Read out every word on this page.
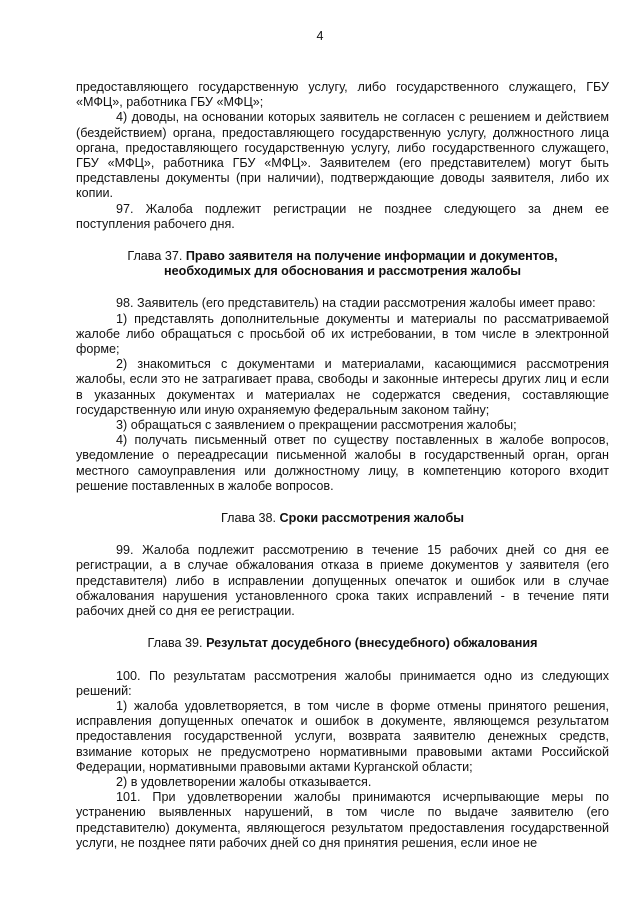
4

предоставляющего государственную услугу, либо государственного служащего, ГБУ «МФЦ», работника ГБУ «МФЦ»;

4) доводы, на основании которых заявитель не согласен с решением и действием (бездействием) органа, предоставляющего государственную услугу, должностного лица органа, предоставляющего государственную услугу, либо государственного служащего, ГБУ «МФЦ», работника ГБУ «МФЦ». Заявителем (его представителем) могут быть представлены документы (при наличии), подтверждающие доводы заявителя, либо их копии.

97. Жалоба подлежит регистрации не позднее следующего за днем ее поступления рабочего дня.

Глава 37. Право заявителя на получение информации и документов,
необходимых для обоснования и рассмотрения жалобы

98. Заявитель (его представитель) на стадии рассмотрения жалобы имеет право:

1) представлять дополнительные документы и материалы по рассматриваемой жалобе либо обращаться с просьбой об их истребовании, в том числе в электронной форме;

2) знакомиться с документами и материалами, касающимися рассмотрения жалобы, если это не затрагивает права, свободы и законные интересы других лиц и если в указанных документах и материалах не содержатся сведения, составляющие государственную или иную охраняемую федеральным законом тайну;

3) обращаться с заявлением о прекращении рассмотрения жалобы;

4) получать письменный ответ по существу поставленных в жалобе вопросов, уведомление о переадресации письменной жалобы в государственный орган, орган местного самоуправления или должностному лицу, в компетенцию которого входит решение поставленных в жалобе вопросов.

Глава 38. Сроки рассмотрения жалобы

99. Жалоба подлежит рассмотрению в течение 15 рабочих дней со дня ее регистрации, а в случае обжалования отказа в приеме документов у заявителя (его представителя) либо в исправлении допущенных опечаток и ошибок или в случае обжалования нарушения установленного срока таких исправлений - в течение пяти рабочих дней со дня ее регистрации.

Глава 39. Результат досудебного (внесудебного) обжалования

100. По результатам рассмотрения жалобы принимается одно из следующих решений:

1) жалоба удовлетворяется, в том числе в форме отмены принятого решения, исправления допущенных опечаток и ошибок в документе, являющемся результатом предоставления государственной услуги, возврата заявителю денежных средств, взимание которых не предусмотрено нормативными правовыми актами Российской Федерации, нормативными правовыми актами Курганской области;

2) в удовлетворении жалобы отказывается.

101. При удовлетворении жалобы принимаются исчерпывающие меры по устранению выявленных нарушений, в том числе по выдаче заявителю (его представителю) документа, являющегося результатом предоставления государственной услуги, не позднее пяти рабочих дней со дня принятия решения, если иное не
